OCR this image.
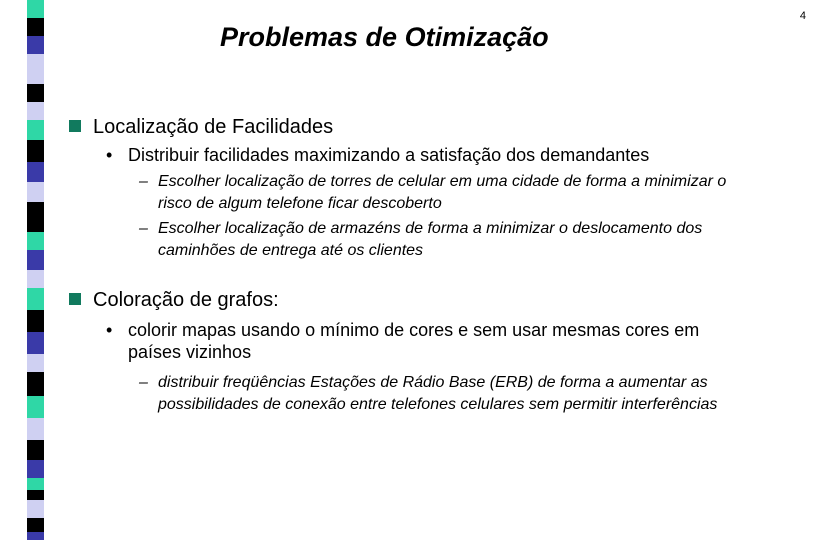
4
Problemas de Otimização
Localização de Facilidades
• Distribuir facilidades maximizando a satisfação dos demandantes
– Escolher localização de torres de celular em uma cidade de forma a minimizar o risco de algum telefone ficar descoberto
– Escolher localização de armazéns de forma a minimizar o deslocamento dos caminhões de entrega até os clientes
Coloração de grafos:
• colorir mapas usando o mínimo de cores e sem usar mesmas cores em países vizinhos
– distribuir freqüências Estações de Rádio Base (ERB) de forma a aumentar as possibilidades de conexão entre telefones celulares sem permitir interferências
